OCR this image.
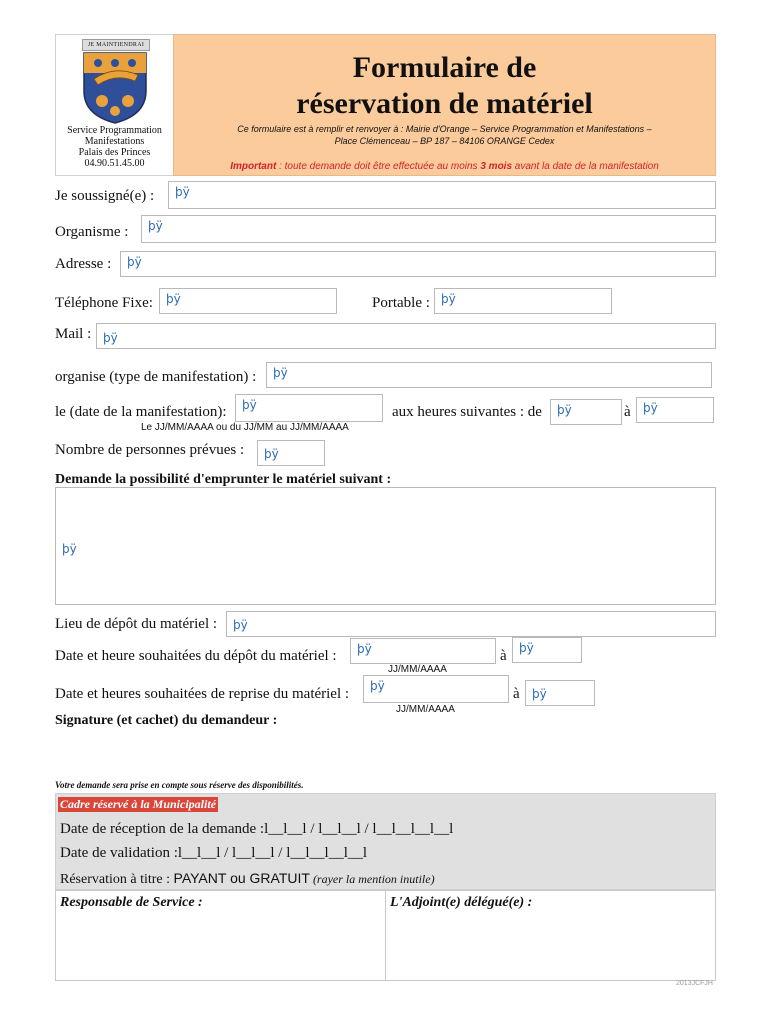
JE MAINTIENDRAI
Service Programmation
Manifestations
Palais des Princes
04.90.51.45.00
Formulaire de
réservation de matériel
Ce formulaire est à remplir et renvoyer à : Mairie d'Orange – Service Programmation et Manifestations –
Place Clémenceau – BP 187 – 84106 ORANGE Cedex
Important : toute demande doit être effectuée au moins 3 mois avant la date de la manifestation
Je soussigné(e) : þÿ
Organisme : þÿ
Adresse : þÿ
Téléphone Fixe: þÿ	Portable : þÿ
Mail : þÿ
organise (type de manifestation) : þÿ
le (date de la manifestation): þÿ
Le JJ/MM/AAAA ou du JJ/MM au JJ/MM/AAAA
aux heures suivantes : de þÿ	à þÿ
Nombre de personnes prévues : þÿ
Demande la possibilité d'emprunter le matériel suivant :
þÿ
Lieu de dépôt du matériel : þÿ
Date et heure souhaitées du dépôt du matériel : þÿ
JJ/MM/AAAA
à þÿ
Date et heures souhaitées de reprise du matériel : þÿ
JJ/MM/AAAA
à þÿ
Signature (et cachet) du demandeur :
Votre demande sera prise en compte sous réserve des disponibilités.
Cadre réservé à la Municipalité
Date de réception de la demande :l__l__l / l__l__l / l__l__l__l__l
Date de validation :l__l__l / l__l__l / l__l__l__l__l
Réservation à titre : PAYANT ou GRATUIT (rayer la mention inutile)
Responsable de Service :	L'Adjoint(e) délégué(e) :
2013JCFJH
